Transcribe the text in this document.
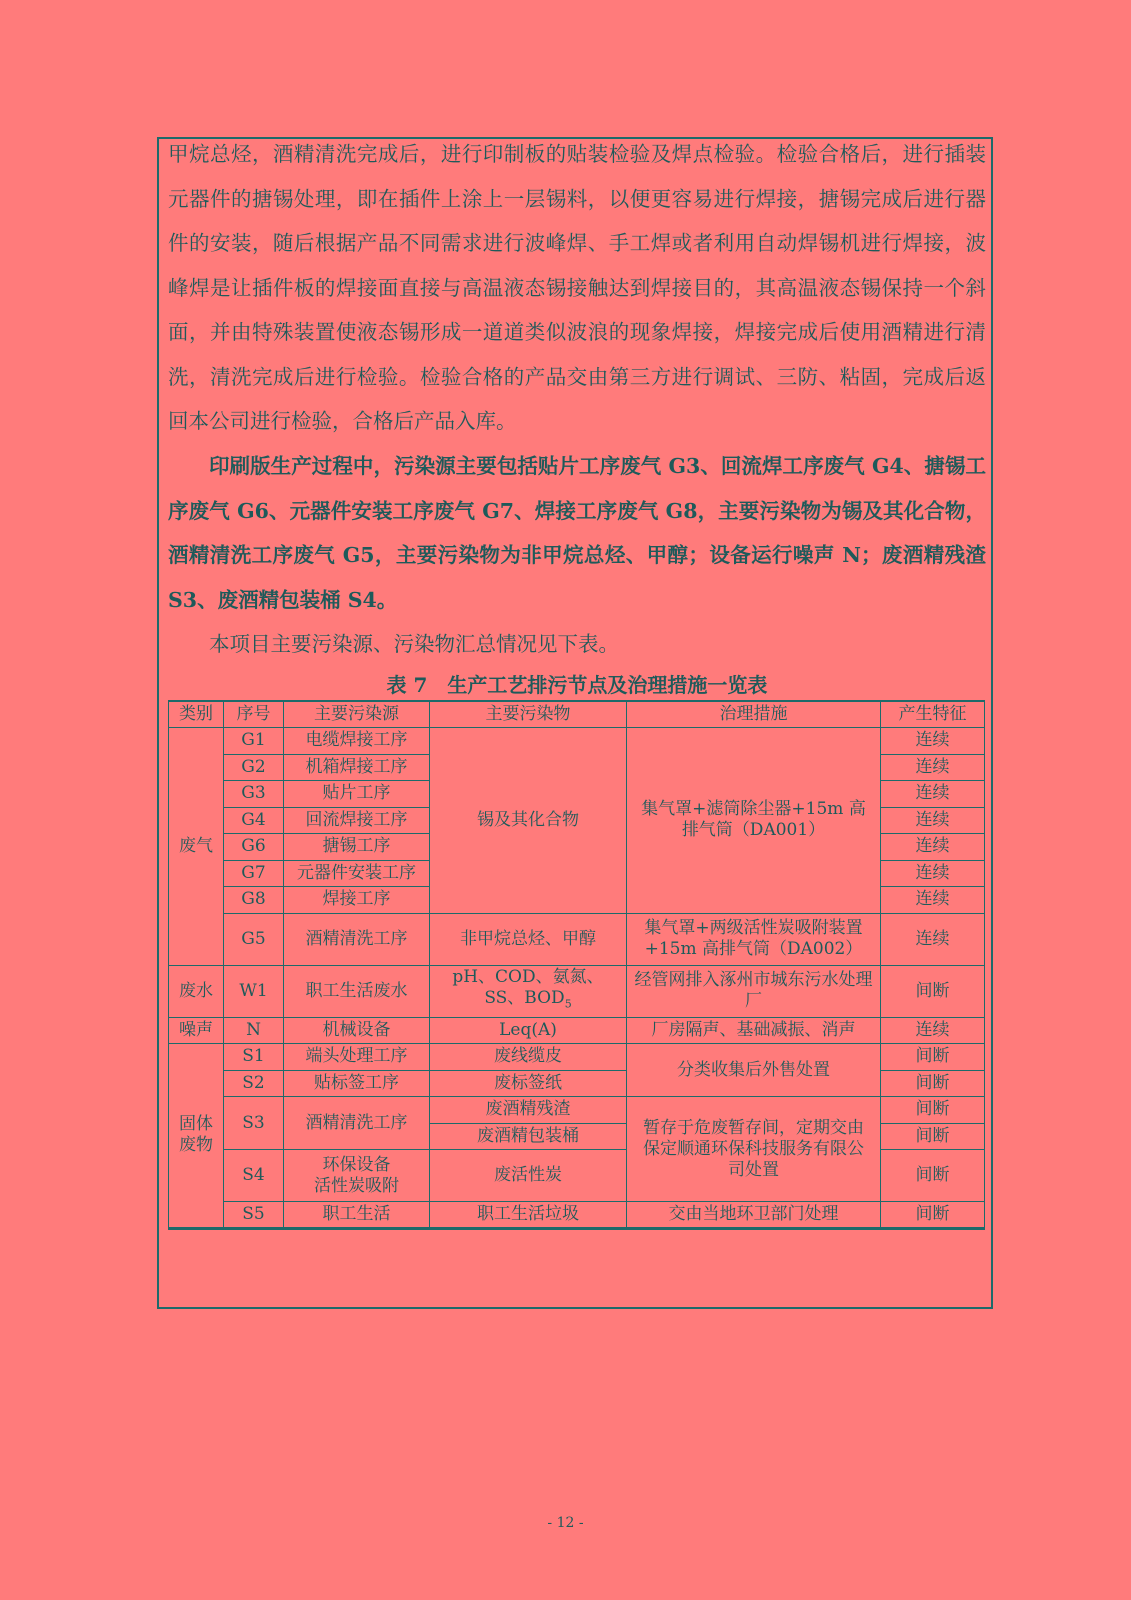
甲烷总烃，酒精清洗完成后，进行印制板的贴装检验及焊点检验。检验合格后，进行插装元器件的搪锡处理，即在插件上涂上一层锡料，以便更容易进行焊接，搪锡完成后进行器件的安装，随后根据产品不同需求进行波峰焊、手工焊或者利用自动焊锡机进行焊接，波峰焊是让插件板的焊接面直接与高温液态锡接触达到焊接目的，其高温液态锡保持一个斜面，并由特殊装置使液态锡形成一道道类似波浪的现象焊接，焊接完成后使用酒精进行清洗，清洗完成后进行检验。检验合格的产品交由第三方进行调试、三防、粘固，完成后返回本公司进行检验，合格后产品入库。

印刷版生产过程中，污染源主要包括贴片工序废气 G3、回流焊工序废气 G4、搪锡工序废气 G6、元器件安装工序废气 G7、焊接工序废气 G8，主要污染物为锡及其化合物，酒精清洗工序废气 G5，主要污染物为非甲烷总烃、甲醇；设备运行噪声 N；废酒精残渣 S3、废酒精包装桶 S4。

本项目主要污染源、污染物汇总情况见下表。

表 7　生产工艺排污节点及治理措施一览表
类别	序号	主要污染源	主要污染物	治理措施	产生特征
废气	G1	电缆焊接工序	锡及其化合物	集气罩+滤筒除尘器+15m 高排气筒（DA001）	连续
	G2	机箱焊接工序			连续
	G3	贴片工序			连续
	G4	回流焊接工序			连续
	G6	搪锡工序			连续
	G7	元器件安装工序			连续
	G8	焊接工序			连续
	G5	酒精清洗工序	非甲烷总烃、甲醇	集气罩+两级活性炭吸附装置+15m 高排气筒（DA002）	连续
废水	W1	职工生活废水	pH、COD、氨氮、
SS、$BOD_5$	经管网排入涿州市城东污水处理厂	间断
噪声	N	机械设备	Leq(A)	厂房隔声、基础减振、消声	连续
固体废物	S1	端头处理工序	废线缆皮	分类收集后外售处置	间断
	S2	贴标签工序	废标签纸		间断
	S3	酒精清洗工序	废酒精残渣	暂存于危废暂存间，定期交由保定顺通环保科技服务有限公司处置	间断
			废酒精包装桶		间断
	S4	环保设备
活性炭吸附	废活性炭		间断
	S5	职工生活	职工生活垃圾	交由当地环卫部门处理	间断
- 12 -
